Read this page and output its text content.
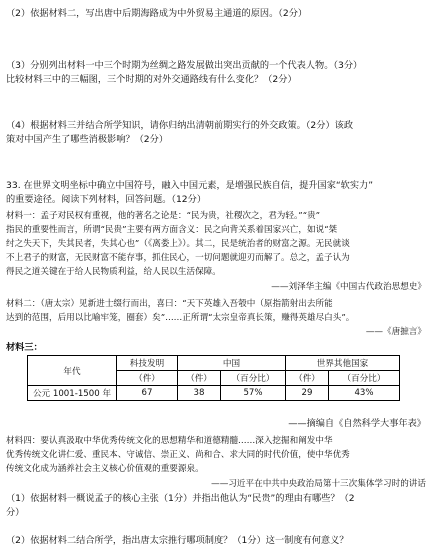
（2）依据材料二，写出唐中后期海路成为中外贸易主通道的原因。（2分）
（3）分别列出材料一中三个时期为丝绸之路发展做出突出贡献的一个代表人物。（3分）
比较材料三中的三幅图，三个时期的对外交通路线有什么变化？（2分）
（4）根据材料三并结合所学知识，请你归纳出清朝前期实行的外交政策。（2分）该政
策对中国产生了哪些消极影响？（2分）
33. 在世界文明坐标中确立中国符号，融入中国元素，是增强民族自信，提升国家“软实力”
的重要途径。阅读下列材料，回答问题。（12分）
材料一：孟子对民权有重视，他的著名之论是：“民为贵，社稷次之，君为轻。”“贵”
指民的重要性而言，所谓“民贵”主要有两方面含义：民之向背关系着国家兴亡，如说“桀
纣之失天下，失其民者，失其心也”（《离娄上》）。其二，民是统治者的财富之源。无民就谈
不上君子的财富，无民财富不能存事，抓住民心，一切问题就迎刃而解了。总之，孟子认为
得民之道关键在于给人民物质利益，给人民以生活保障。
——刘泽华主编《中国古代政治思想史》
材料二：（唐太宗）见新进士缀行而出，喜曰：“天下英雄入吾彀中（原指箭射出去所能
达到的范围，后用以比喻牢笼，圈套）矣”……正所谓“太宗皇帝真长策，赚得英雄尽白头”。
——《唐摭言》
材料三：
年代	科技发明	中国		世界其他国家	
	（件）	（件）	（百分比）	（件）	（百分比）
公元 1001-1500 年	67	38	57%	29	43%
——摘编自《自然科学大事年表》
材料四：要认真汲取中华优秀传统文化的思想精华和道德精髓……深入挖掘和阐发中华
优秀传统文化讲仁爱、重民本、守诚信、崇正义、尚和合、求大同的时代价值，使中华优秀
传统文化成为涵养社会主义核心价值观的重要源泉。
——习近平在中共中央政治局第十三次集体学习时的讲话
（1）依据材料一概说孟子的核心主张（1分）并指出他认为“民贵”的理由有哪些？（2
分）
（2）依据材料二结合所学，指出唐太宗推行哪项制度？（1分）这一制度有何意义？
